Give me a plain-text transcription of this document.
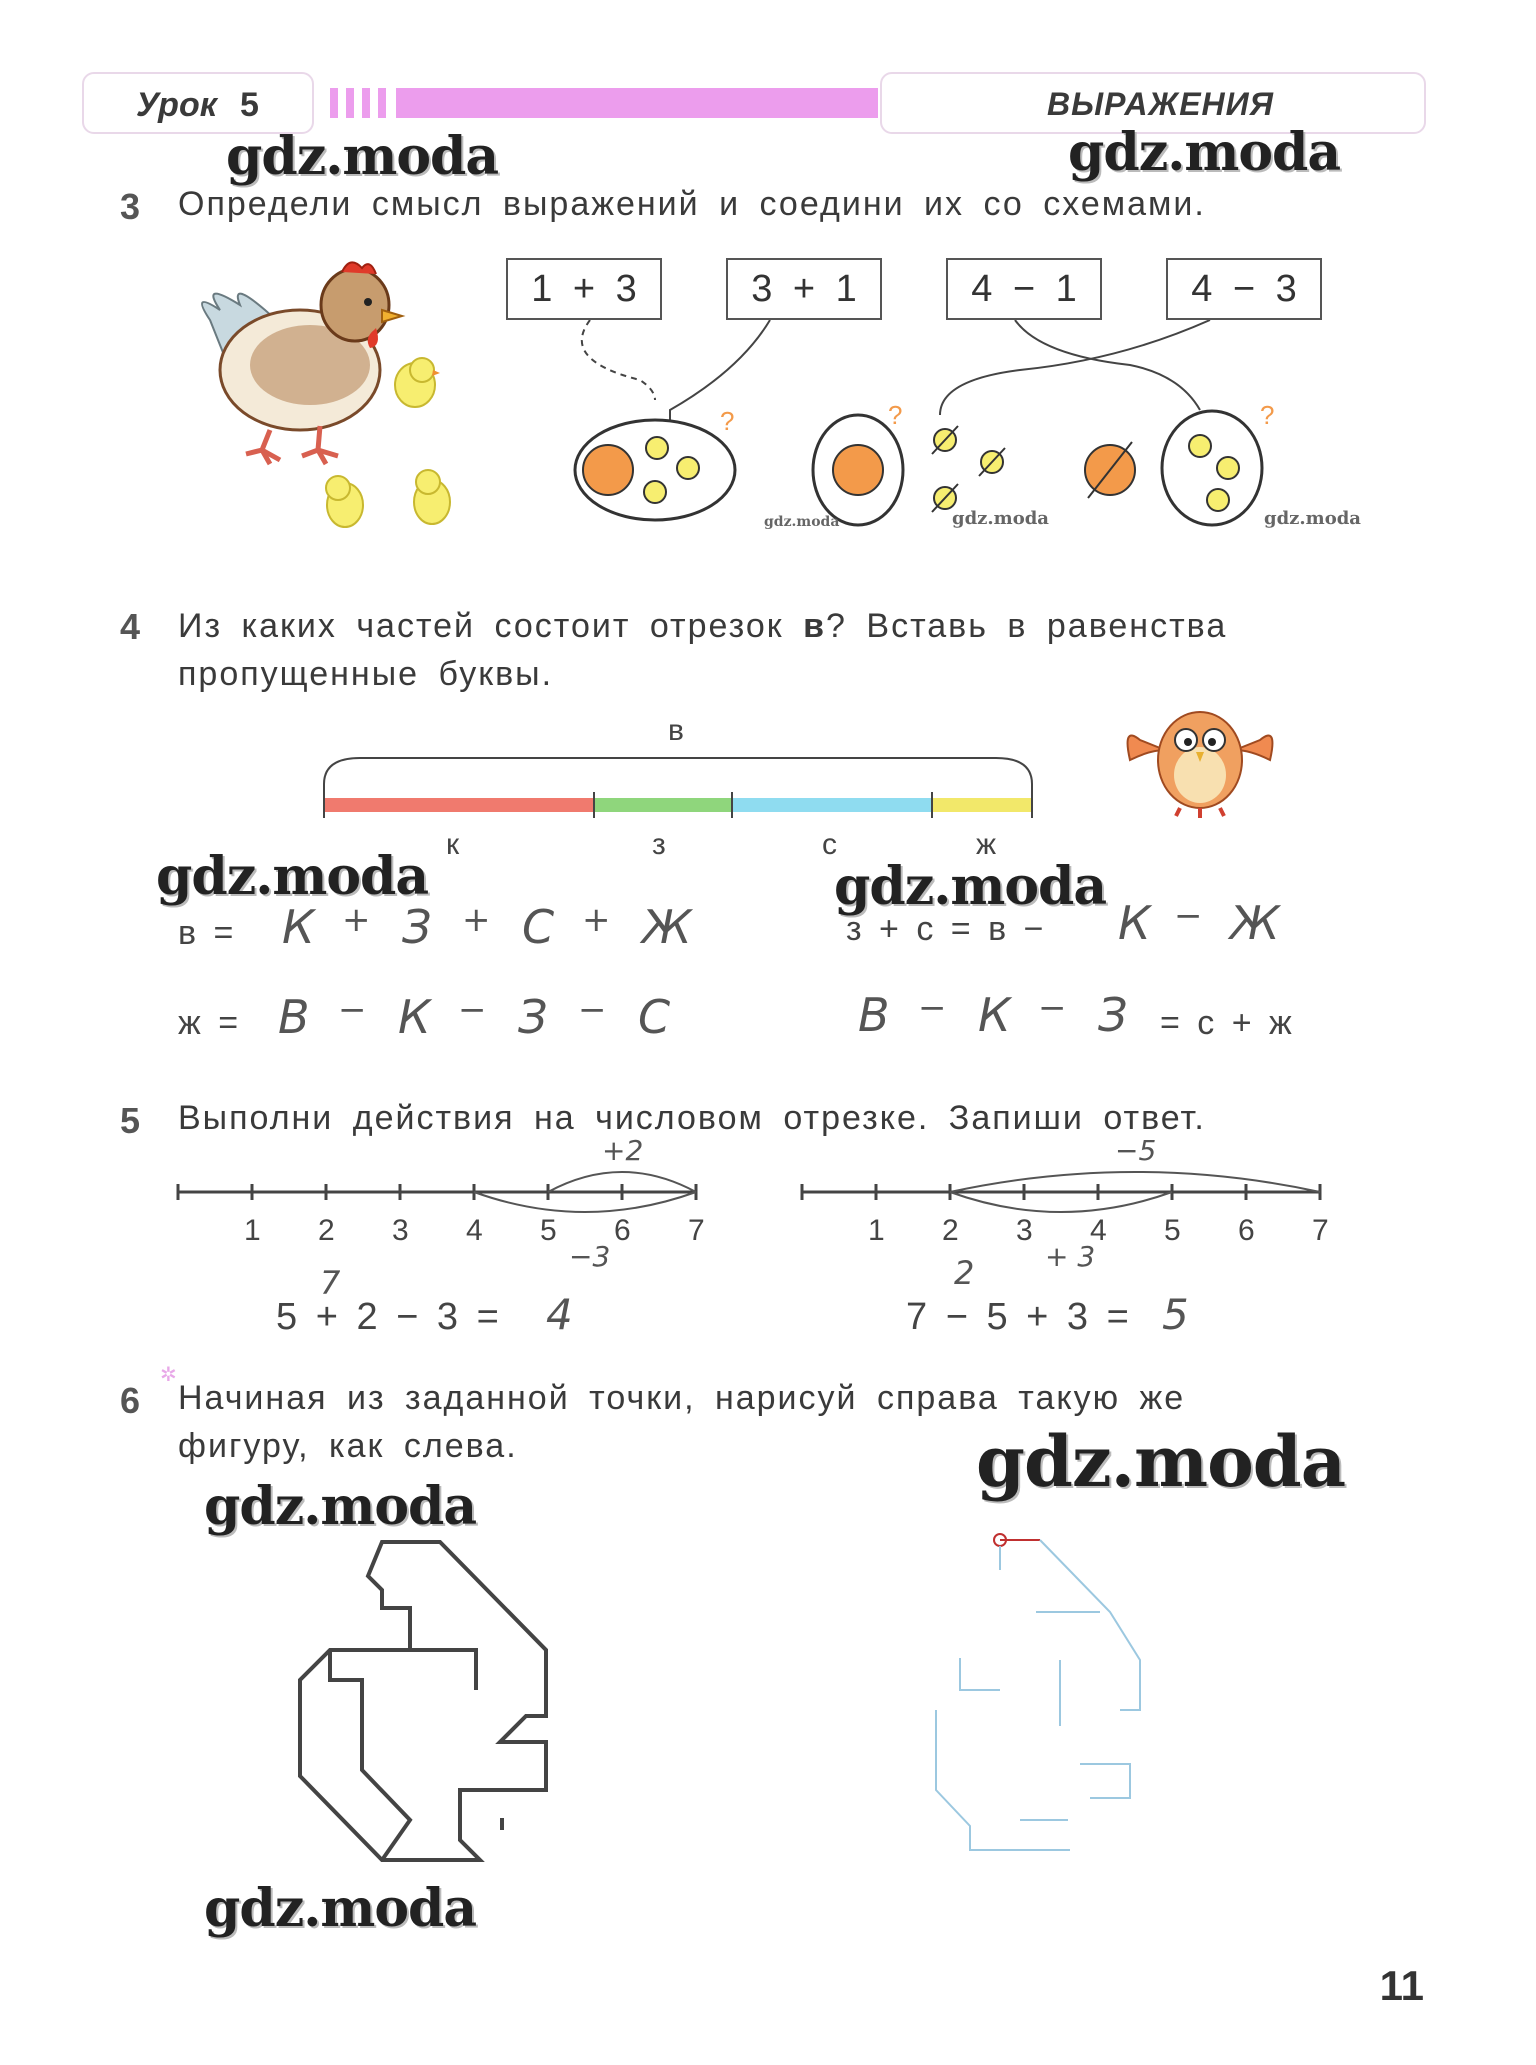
Урок 5	ВЫРАЖЕНИЯ
gdz.moda	gdz.moda
3 Определи смысл выражений и соедини их со схемами.
1 + 3	3 + 1	4 − 1	4 − 3
?	?	?
gdz.moda	gdz.moda	gdz.moda
4 Из каких частей состоит отрезок в? Вставь в равенства пропущенные буквы.
в
к	з	с	ж
gdz.moda	gdz.moda
в = К + З + С + Ж	з + с = в − К − Ж
ж = В − К − З − С	В − К − З = с + ж
5 Выполни действия на числовом отрезке. Запиши ответ.
1 2 3 4 5 6 7
+2
−3
1 2 3 4 5 6 7
−5
+ 3
7
5 + 2 − 3 = 4
2
7 − 5 + 3 = 5
✲
6 Начиная из заданной точки, нарисуй справа такую же фигуру, как слева.	gdz.moda
gdz.moda
gdz.moda
11
